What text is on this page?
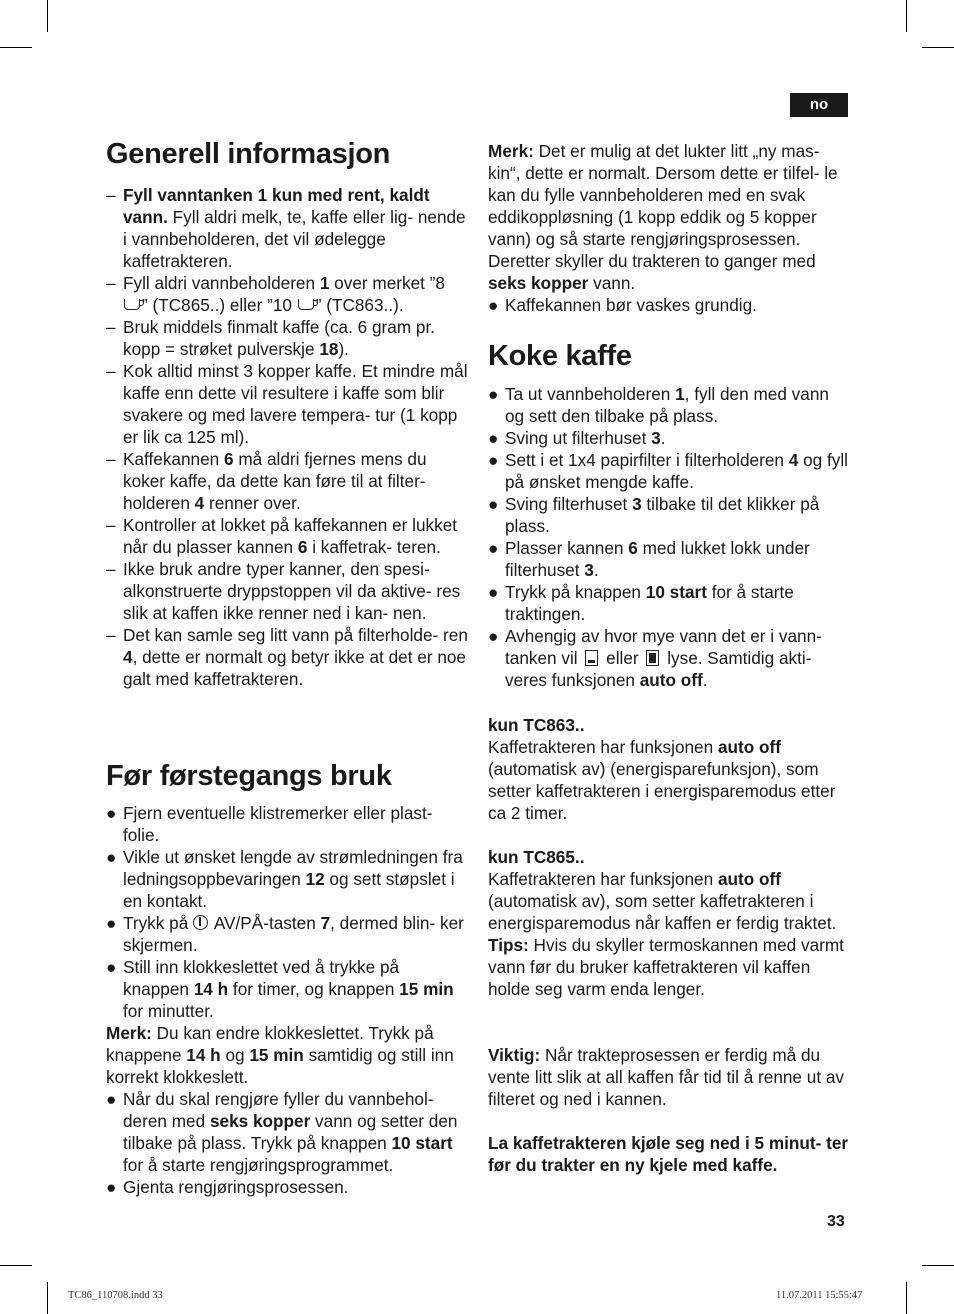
no
Generell informasjon
– Fyll vanntanken 1 kun med rent, kaldt vann. Fyll aldri melk, te, kaffe eller lig- nende i vannbeholderen, det vil ødelegge kaffetrakteren.
– Fyll aldri vannbeholderen 1 over merket ”8 ” (TC865..) eller ”10 ” (TC863..).
– Bruk middels finmalt kaffe (ca. 6 gram pr. kopp = strøket pulverskje 18).
– Kok alltid minst 3 kopper kaffe. Et mindre mål kaffe enn dette vil resultere i kaffe som blir svakere og med lavere tempera- tur (1 kopp er lik ca 125 ml).
– Kaffekannen 6 må aldri fjernes mens du koker kaffe, da dette kan føre til at filter- holderen 4 renner over.
– Kontroller at lokket på kaffekannen er lukket når du plasser kannen 6 i kaffetrak- teren.
– Ikke bruk andre typer kanner, den spesi- alkonstruerte dryppstoppen vil da aktive- res slik at kaffen ikke renner ned i kan- nen.
– Det kan samle seg litt vann på filterholde- ren 4, dette er normalt og betyr ikke at det er noe galt med kaffetrakteren.
Før førstegangs bruk
● Fjern eventuelle klistremerker eller plast- folie.
● Vikle ut ønsket lengde av strømledningen fra ledningsoppbevaringen 12 og sett støpslet i en kontakt.
● Trykk på  AV/PÅ-tasten 7, dermed blin- ker skjermen.
● Still inn klokkeslettet ved å trykke på knappen 14 h for timer, og knappen 15 min for minutter.
Merk: Du kan endre klokkeslettet. Trykk på knappene 14 h og 15 min samtidig og still inn korrekt klokkeslett.
● Når du skal rengjøre fyller du vannbehol- deren med seks kopper vann og setter den tilbake på plass. Trykk på knappen 10 start for å starte rengjøringsprogrammet.
● Gjenta rengjøringsprosessen.
Merk: Det er mulig at det lukter litt „ny mas- kin“, dette er normalt. Dersom dette er tilfel- le kan du fylle vannbeholderen med en svak eddikoppløsning (1 kopp eddik og 5 kopper vann) og så starte rengjøringsprosessen. Deretter skyller du trakteren to ganger med seks kopper vann.
● Kaffekannen bør vaskes grundig.
Koke kaffe
● Ta ut vannbeholderen 1, fyll den med vann og sett den tilbake på plass.
● Sving ut filterhuset 3.
● Sett i et 1x4 papirfilter i filterholderen 4 og fyll på ønsket mengde kaffe.
● Sving filterhuset 3 tilbake til det klikker på plass.
● Plasser kannen 6 med lukket lokk under filterhuset 3.
● Trykk på knappen 10 start for å starte traktingen.
● Avhengig av hvor mye vann det er i vann- tanken vil  eller  lyse. Samtidig akti- veres funksjonen auto off.
kun TC863..
Kaffetrakteren har funksjonen auto off (automatisk av) (energisparefunksjon), som setter kaffetrakteren i energisparemodus etter ca 2 timer.
kun TC865..
Kaffetrakteren har funksjonen auto off (automatisk av), som setter kaffetrakteren i energisparemodus når kaffen er ferdig traktet.
Tips: Hvis du skyller termoskannen med varmt vann før du bruker kaffetrakteren vil kaffen holde seg varm enda lenger.
Viktig: Når trakteprosessen er ferdig må du vente litt slik at all kaffen får tid til å renne ut av filteret og ned i kannen.
La kaffetrakteren kjøle seg ned i 5 minut- ter før du trakter en ny kjele med kaffe.
33
TC86_110708.indd 33	11.07.2011 15:55:47
